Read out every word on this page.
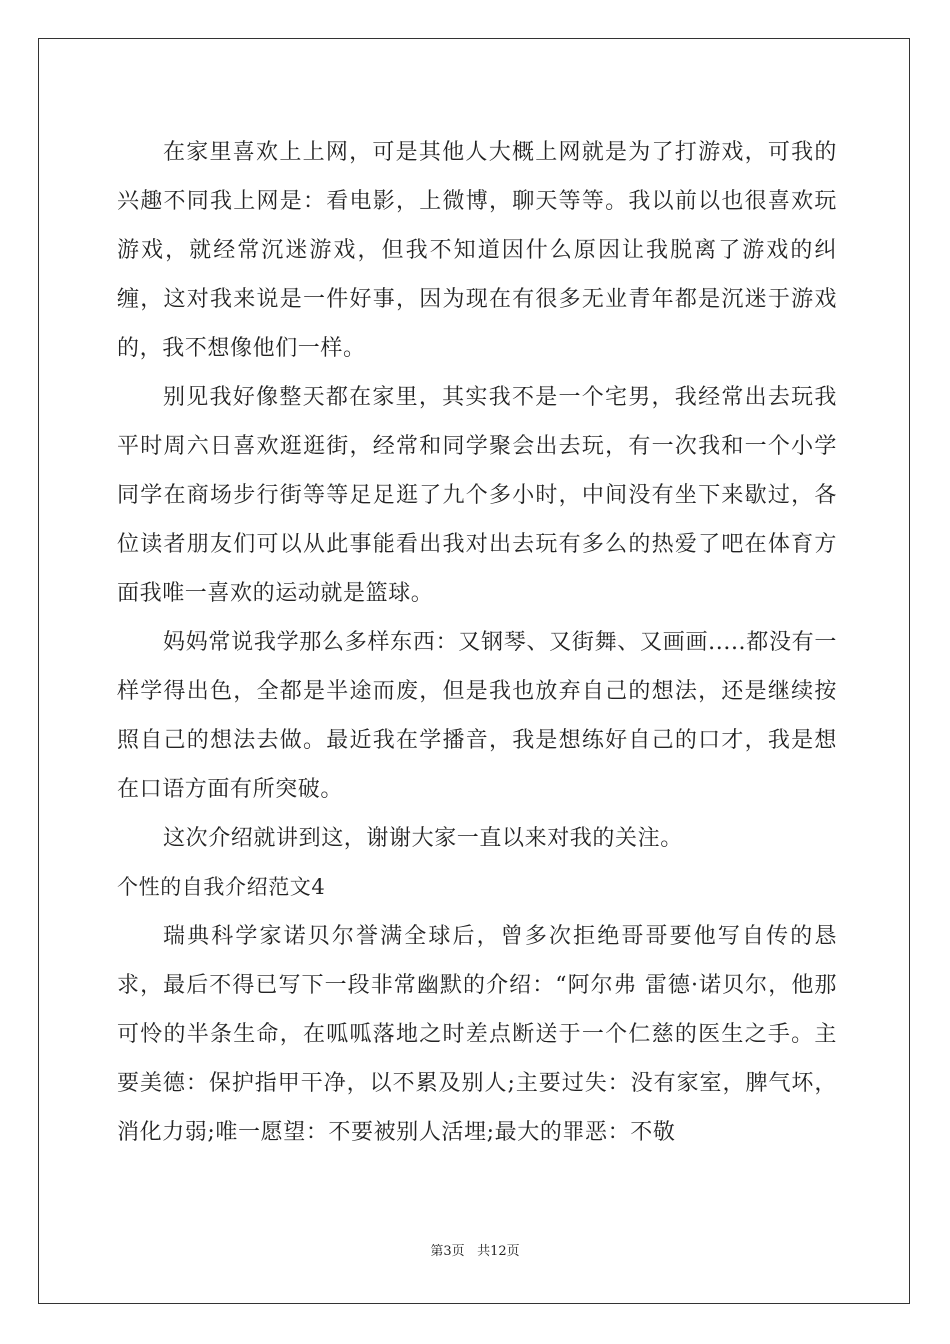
在家里喜欢上上网，可是其他人大概上网就是为了打游戏，可我的兴趣不同我上网是：看电影，上微博，聊天等等。我以前以也很喜欢玩游戏，就经常沉迷游戏，但我不知道因什么原因让我脱离了游戏的纠缠，这对我来说是一件好事，因为现在有很多无业青年都是沉迷于游戏的，我不想像他们一样。

别见我好像整天都在家里，其实我不是一个宅男，我经常出去玩我平时周六日喜欢逛逛街，经常和同学聚会出去玩，有一次我和一个小学同学在商场步行街等等足足逛了九个多小时，中间没有坐下来歇过，各位读者朋友们可以从此事能看出我对出去玩有多么的热爱了吧在体育方面我唯一喜欢的运动就是篮球。

妈妈常说我学那么多样东西：又钢琴、又街舞、又画画.....都没有一样学得出色，全都是半途而废，但是我也放弃自己的想法，还是继续按照自己的想法去做。最近我在学播音，我是想练好自己的口才，我是想在口语方面有所突破。

这次介绍就讲到这，谢谢大家一直以来对我的关注。

个性的自我介绍范文4

瑞典科学家诺贝尔誉满全球后，曾多次拒绝哥哥要他写自传的恳求，最后不得已写下一段非常幽默的介绍：“阿尔弗 雷德·诺贝尔，他那可怜的半条生命，在呱呱落地之时差点断送于一个仁慈的医生之手。主要美德：保护指甲干净，以不累及别人;主要过失：没有家室，脾气坏， 消化力弱;唯一愿望：不要被别人活埋;最大的罪恶：不敬

第3页 共12页
